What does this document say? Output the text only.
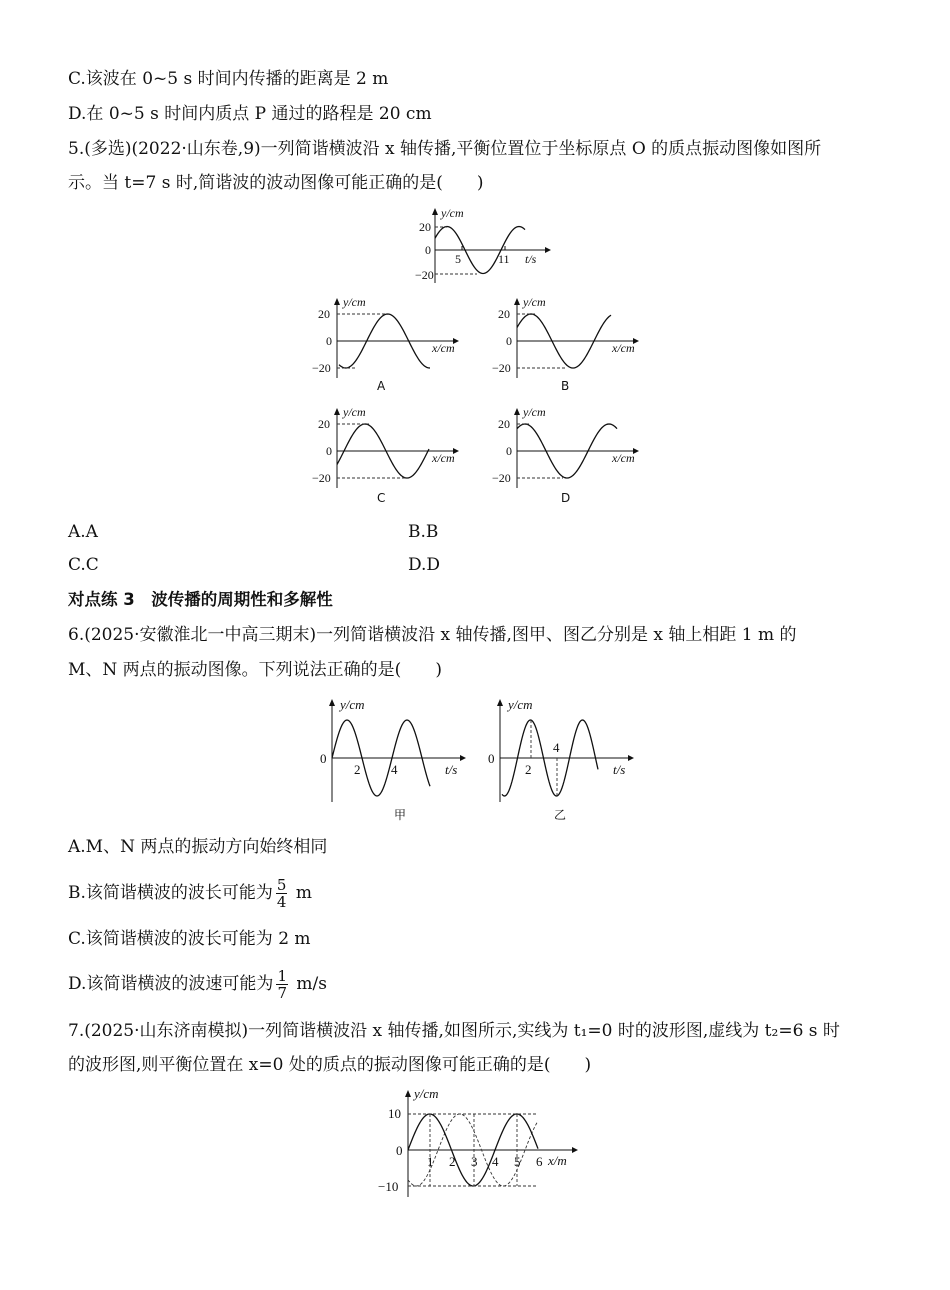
C.该波在 0~5 s 时间内传播的距离是 2 m
D.在 0~5 s 时间内质点 P 通过的路程是 20 cm
5.(多选)(2022·山东卷,9)一列简谐横波沿 x 轴传播,平衡位置位于坐标原点 O 的质点振动图像如图所
示。当 t=7 s 时,简谐波的波动图像可能正确的是(　　)
y/cm
t/s
20
0
−20
5	11
y/cm
x/cm
20
0
−20
A
y/cm
x/cm
20
0
−20
B
y/cm
x/cm
20
0
−20
C
y/cm
x/cm
20
0
−20
D
A.A	B.B
C.C	D.D
对点练 3　波传播的周期性和多解性
6.(2025·安徽淮北一中高三期末)一列简谐横波沿 x 轴传播,图甲、图乙分别是 x 轴上相距 1 m 的
M、N 两点的振动图像。下列说法正确的是(　　)
y/cm
t/s
0
2 4
甲
y/cm
t/s
0
2
4
乙
A.M、N 两点的振动方向始终相同
B.该简谐横波的波长可能为 $\frac{5}{4}$ m
C.该简谐横波的波长可能为 2 m
D.该简谐横波的波速可能为 $\frac{1}{7} m/s$
7.(2025·山东济南模拟)一列简谐横波沿 x 轴传播,如图所示,实线为 t₁=0 时的波形图,虚线为 t₂=6 s 时
的波形图,则平衡位置在 x=0 处的质点的振动图像可能正确的是(　　)
y/cm
x/m
10
0
−10
1 2 3 4 5 6
